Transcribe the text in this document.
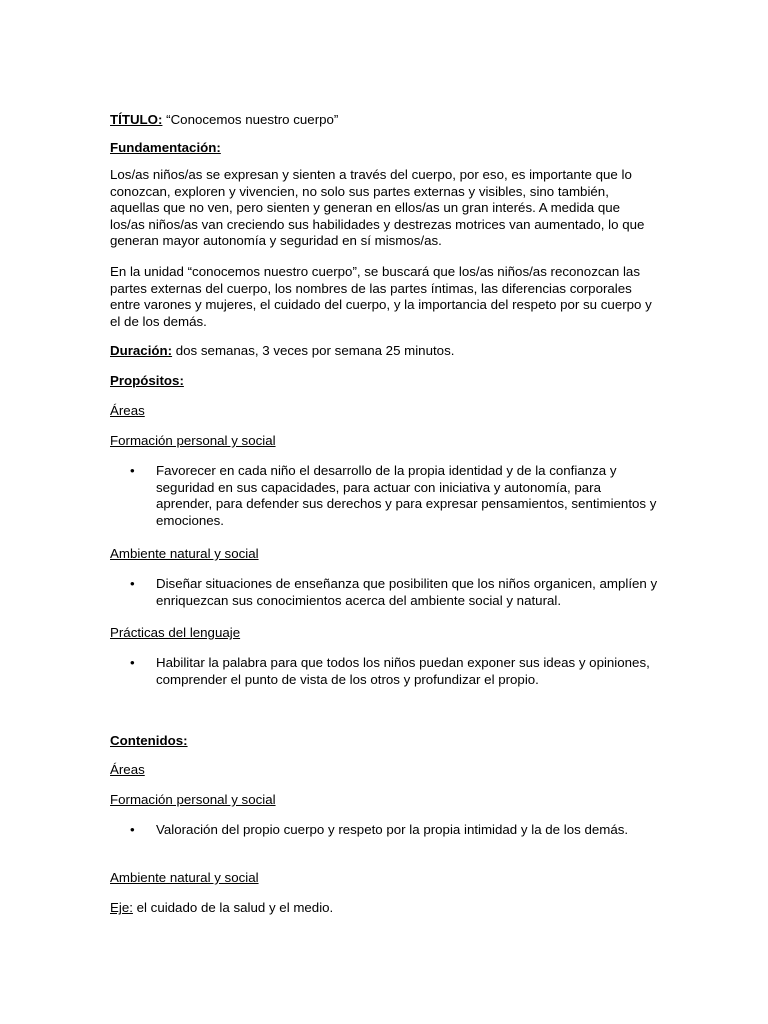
TÍTULO: “Conocemos nuestro cuerpo”

Fundamentación:

Los/as niños/as se expresan y sienten a través del cuerpo, por eso, es importante que lo conozcan, exploren y vivencien, no solo sus partes externas y visibles, sino también, aquellas que no ven, pero sienten y generan en ellos/as un gran interés. A medida que los/as niños/as van creciendo sus habilidades y destrezas motrices van aumentado, lo que generan mayor autonomía y seguridad en sí mismos/as.

En la unidad “conocemos nuestro cuerpo”, se buscará que los/as niños/as reconozcan las partes externas del cuerpo, los nombres de las partes íntimas, las diferencias corporales entre varones y mujeres, el cuidado del cuerpo, y la importancia del respeto por su cuerpo y el de los demás.

Duración: dos semanas, 3 veces por semana 25 minutos.

Propósitos:

Áreas

Formación personal y social

• Favorecer en cada niño el desarrollo de la propia identidad y de la confianza y seguridad en sus capacidades, para actuar con iniciativa y autonomía, para aprender, para defender sus derechos y para expresar pensamientos, sentimientos y emociones.

Ambiente natural y social

• Diseñar situaciones de enseñanza que posibiliten que los niños organicen, amplíen y enriquezcan sus conocimientos acerca del ambiente social y natural.

Prácticas del lenguaje

• Habilitar la palabra para que todos los niños puedan exponer sus ideas y opiniones, comprender el punto de vista de los otros y profundizar el propio.

Contenidos:

Áreas

Formación personal y social

• Valoración del propio cuerpo y respeto por la propia intimidad y la de los demás.

Ambiente natural y social

Eje: el cuidado de la salud y el medio.
